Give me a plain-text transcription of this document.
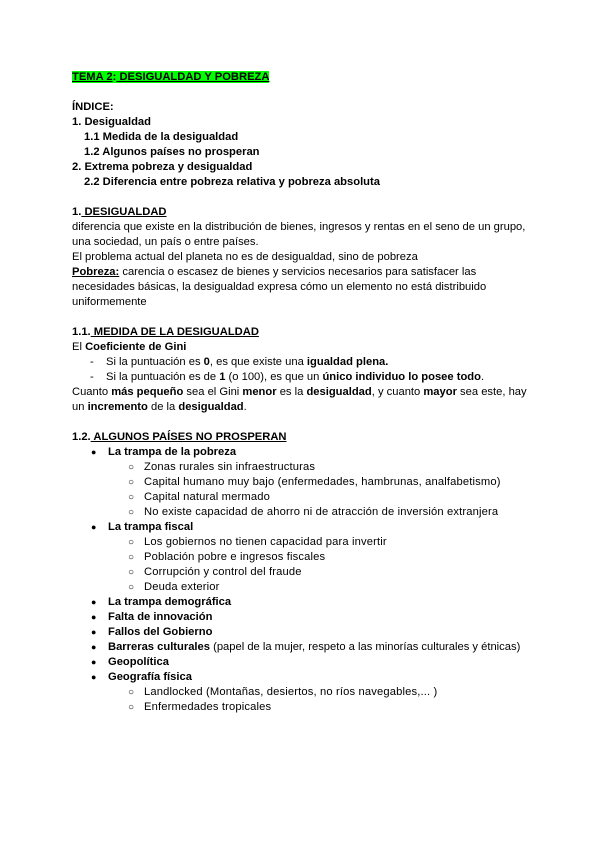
TEMA 2: DESIGUALDAD Y POBREZA
ÍNDICE:
1. Desigualdad
1.1 Medida de la desigualdad
1.2 Algunos países no prosperan
2. Extrema pobreza y desigualdad
2.2 Diferencia entre pobreza relativa y pobreza absoluta
1. DESIGUALDAD
diferencia que existe en la distribución de bienes, ingresos y rentas en el seno de un grupo, una sociedad, un país o entre países.
El problema actual del planeta no es de desigualdad, sino de pobreza
Pobreza: carencia o escasez de bienes y servicios necesarios para satisfacer las necesidades básicas, la desigualdad expresa cómo un elemento no está distribuido uniformemente
1.1. MEDIDA DE LA DESIGUALDAD
El Coeficiente de Gini
- Si la puntuación es 0, es que existe una igualdad plena.
- Si la puntuación es de 1 (o 100), es que un único individuo lo posee todo.
Cuanto más pequeño sea el Gini menor es la desigualdad, y cuanto mayor sea este, hay un incremento de la desigualdad.
1.2. ALGUNOS PAÍSES NO PROSPERAN
● La trampa de la pobreza
○ Zonas rurales sin infraestructuras
○ Capital humano muy bajo (enfermedades, hambrunas, analfabetismo)
○ Capital natural mermado
○ No existe capacidad de ahorro ni de atracción de inversión extranjera
● La trampa fiscal
○ Los gobiernos no tienen capacidad para invertir
○ Población pobre e ingresos fiscales
○ Corrupción y control del fraude
○ Deuda exterior
● La trampa demográfica
● Falta de innovación
● Fallos del Gobierno
● Barreras culturales (papel de la mujer, respeto a las minorías culturales y étnicas)
● Geopolítica
● Geografía física
○ Landlocked (Montañas, desiertos, no ríos navegables,... )
○ Enfermedades tropicales
